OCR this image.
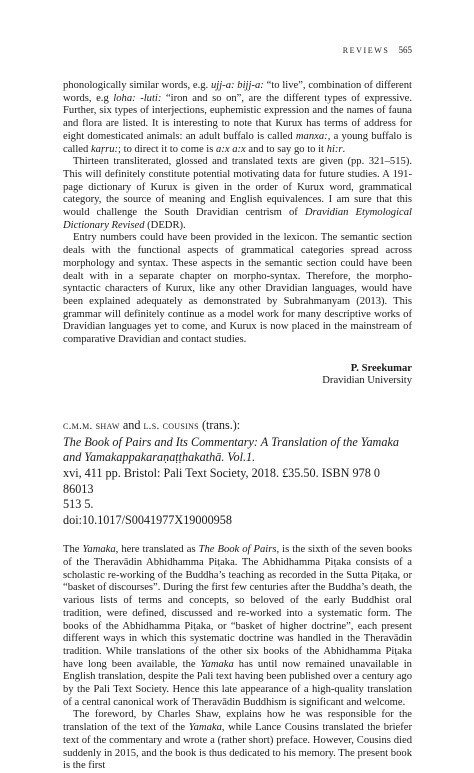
REVIEWS 565

phonologically similar words, e.g. ujj-a: bijj-a: “to live”, combination of different words, e.g loha: -luti: “iron and so on”, are the different types of expressive. Further, six types of interjections, euphemistic expression and the names of fauna and flora are listed. It is interesting to note that Kurux has terms of address for eight domesticated animals: an adult buffalo is called manxa:, a young buffalo is called kaṛru:; to direct it to come is a:x a:x and to say go to it hi:r.

Thirteen transliterated, glossed and translated texts are given (pp. 321–515). This will definitely constitute potential motivating data for future studies. A 191-page dictionary of Kurux is given in the order of Kurux word, grammatical category, the source of meaning and English equivalences. I am sure that this would challenge the South Dravidian centrism of Dravidian Etymological Dictionary Revised (DEDR).

Entry numbers could have been provided in the lexicon. The semantic section deals with the functional aspects of grammatical categories spread across morphology and syntax. These aspects in the semantic section could have been dealt with in a separate chapter on morpho-syntax. Therefore, the morpho-syntactic characters of Kurux, like any other Dravidian languages, would have been explained adequately as demonstrated by Subrahmanyam (2013). This grammar will definitely continue as a model work for many descriptive works of Dravidian languages yet to come, and Kurux is now placed in the mainstream of comparative Dravidian and contact studies.

P. Sreekumar
Dravidian University
c.m.m. shaw and l.s. cousins (trans.):
The Book of Pairs and Its Commentary: A Translation of the Yamaka and Yamakappakaraṇaṭṭhakathā. Vol.1.
xvi, 411 pp. Bristol: Pali Text Society, 2018. £35.50. ISBN 978 0 86013
513 5.
doi:10.1017/S0041977X19000958

The Yamaka, here translated as The Book of Pairs, is the sixth of the seven books of the Theravādin Abhidhamma Piṭaka. The Abhidhamma Piṭaka consists of a scholastic re-working of the Buddha’s teaching as recorded in the Sutta Piṭaka, or “basket of discourses”. During the first few centuries after the Buddha’s death, the various lists of terms and concepts, so beloved of the early Buddhist oral tradition, were defined, discussed and re-worked into a systematic form. The books of the Abhidhamma Piṭaka, or “basket of higher doctrine”, each present different ways in which this systematic doctrine was handled in the Theravādin tradition. While translations of the other six books of the Abhidhamma Piṭaka have long been available, the Yamaka has until now remained unavailable in English translation, despite the Pali text having been published over a century ago by the Pali Text Society. Hence this late appearance of a high-quality translation of a central canonical work of Theravādin Buddhism is significant and welcome.

The foreword, by Charles Shaw, explains how he was responsible for the translation of the text of the Yamaka, while Lance Cousins translated the briefer text of the commentary and wrote a (rather short) preface. However, Cousins died suddenly in 2015, and the book is thus dedicated to his memory. The present book is the first
